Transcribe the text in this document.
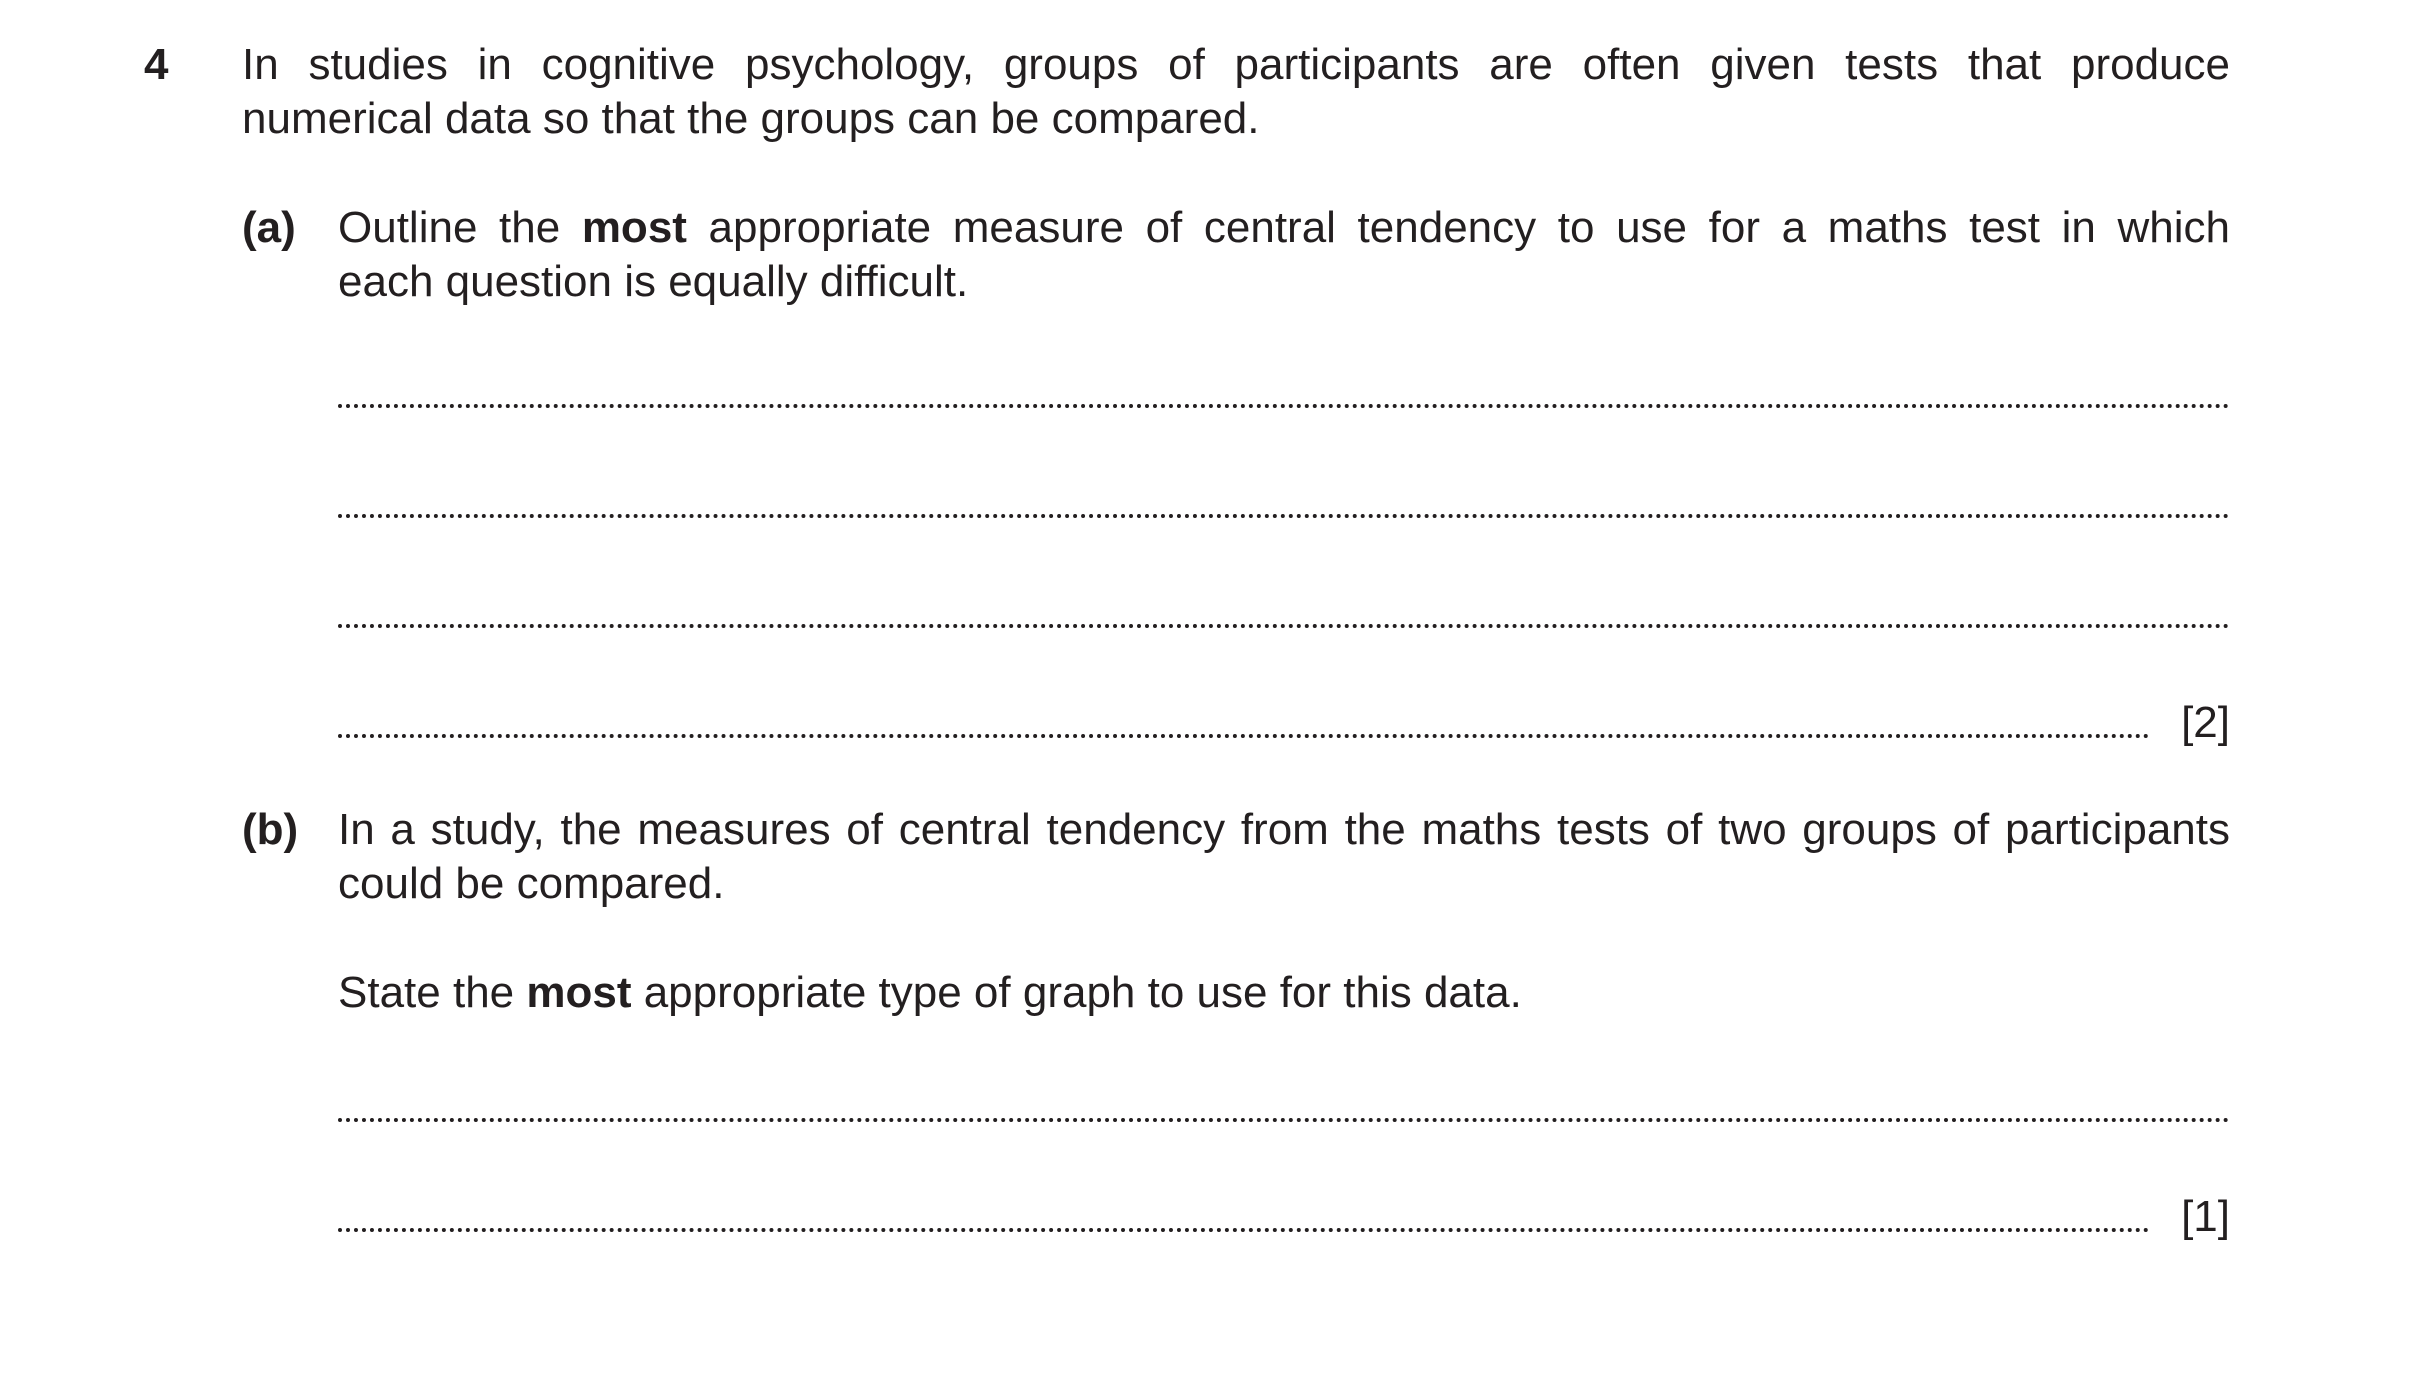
4 In studies in cognitive psychology, groups of participants are often given tests that produce
numerical data so that the groups can be compared.
(a) Outline the most appropriate measure of central tendency to use for a maths test in which
each question is equally difficult.
[2]
(b) In a study, the measures of central tendency from the maths tests of two groups of participants
could be compared.
State the most appropriate type of graph to use for this data.
[1]
